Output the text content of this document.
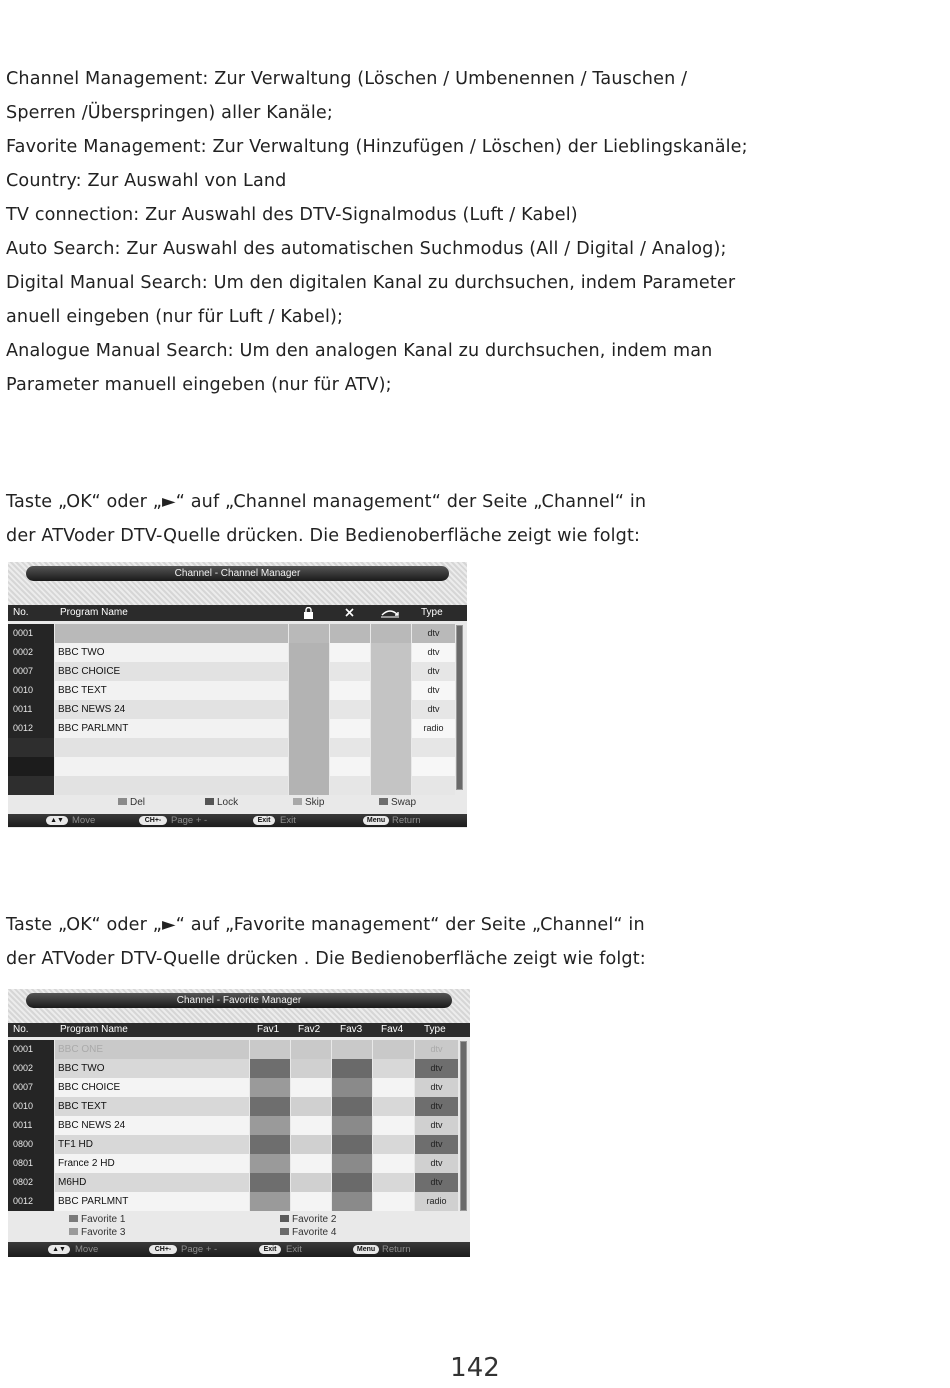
Channel Management: Zur Verwaltung (Löschen / Umbenennen / Tauschen /
Sperren /Überspringen) aller Kanäle;
Favorite Management: Zur Verwaltung (Hinzufügen / Löschen) der Lieblingskanäle;
Country: Zur Auswahl von Land
TV connection: Zur Auswahl des DTV-Signalmodus (Luft / Kabel)
Auto Search: Zur Auswahl des automatischen Suchmodus (All / Digital / Analog);
Digital Manual Search: Um den digitalen Kanal zu durchsuchen, indem Parameter
anuell eingeben (nur für Luft / Kabel);
Analogue Manual Search: Um den analogen Kanal zu durchsuchen, indem man
Parameter manuell eingeben (nur für ATV);
Taste „OK“ oder „►“ auf „Channel management“ der Seite „Channel“ in
der ATVoder DTV-Quelle drücken. Die Bedienoberfläche zeigt wie folgt:
Channel - Channel Manager
No.	Program Name	Type
0001	dtv
0002	BBC TWO	dtv
0007	BBC CHOICE	dtv
0010	BBC TEXT	dtv
0011	BBC NEWS 24	dtv
0012	BBC PARLMNT	radio
Del	Lock	Skip	Swap
▲▼ Move	CH+-	Page + -	Exit	Exit	Menu Return
Taste „OK“ oder „►“ auf „Favorite management“ der Seite „Channel“ in
der ATVoder DTV-Quelle drücken . Die Bedienoberfläche zeigt wie folgt:
Channel - Favorite Manager
No.	Program Name	Fav1 Fav2 Fav3 Fav4 Type
0001	BBC ONE	dtv
0002	BBC TWO	dtv
0007	BBC CHOICE	dtv
0010	BBC TEXT	dtv
0011	BBC NEWS 24	dtv
0800	TF1 HD	dtv
0801	France 2 HD	dtv
0802	M6HD	dtv
0012	BBC PARLMNT	radio
Favorite 1	Favorite 2
Favorite 3	Favorite 4
▲▼ Move	CH+-	Page + -	Exit	Exit	Menu Return
142
